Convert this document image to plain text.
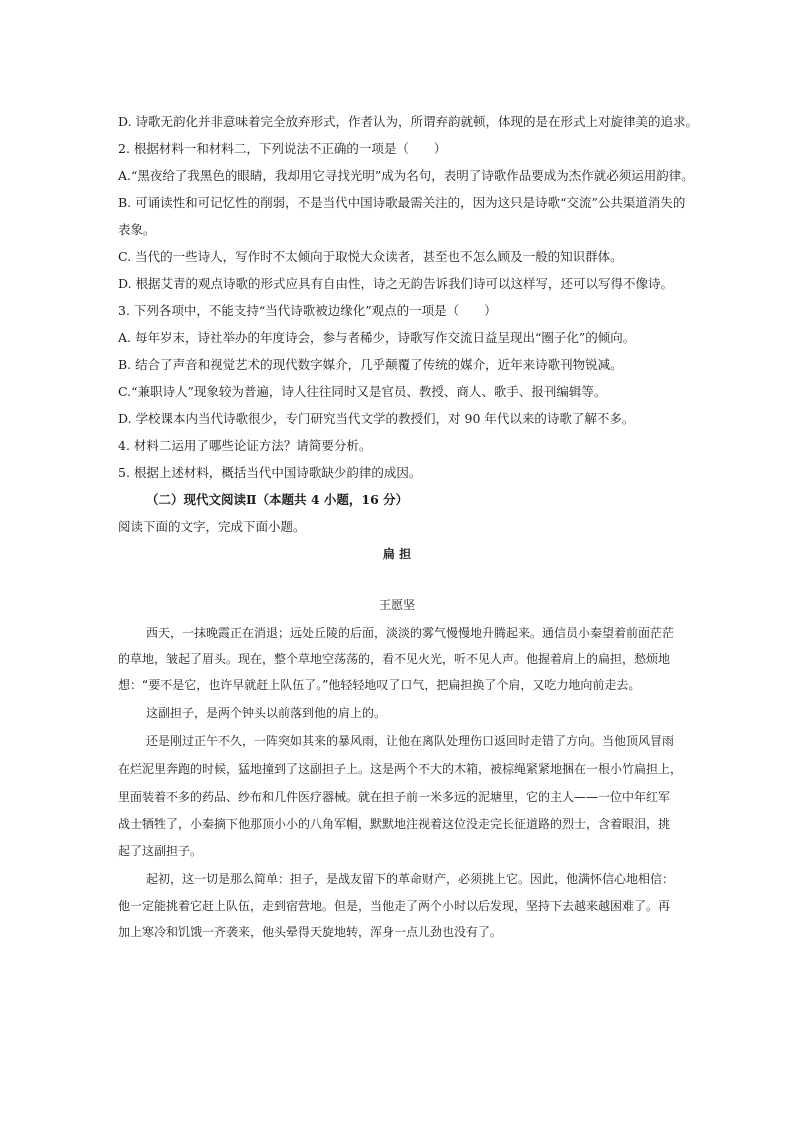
D. 诗歌无韵化并非意味着完全放弃形式，作者认为，所谓弃韵就顿，体现的是在形式上对旋律美的追求。
2. 根据材料一和材料二，下列说法不正确的一项是（　　）
A.“黑夜给了我黑色的眼睛，我却用它寻找光明”成为名句，表明了诗歌作品要成为杰作就必须运用韵律。
B. 可诵读性和可记忆性的削弱，不是当代中国诗歌最需关注的，因为这只是诗歌“交流”公共渠道消失的
表象。
C. 当代的一些诗人，写作时不太倾向于取悦大众读者，甚至也不怎么顾及一般的知识群体。
D. 根据艾青的观点诗歌的形式应具有自由性，诗之无韵告诉我们诗可以这样写，还可以写得不像诗。
3. 下列各项中，不能支持“当代诗歌被边缘化”观点的一项是（　　）
A. 每年岁末，诗社举办的年度诗会，参与者稀少，诗歌写作交流日益呈现出“圈子化”的倾向。
B. 结合了声音和视觉艺术的现代数字媒介，几乎颠覆了传统的媒介，近年来诗歌刊物锐减。
C.“兼职诗人”现象较为普遍，诗人往往同时又是官员、教授、商人、歌手、报刊编辑等。
D. 学校课本内当代诗歌很少，专门研究当代文学的教授们，对 90 年代以来的诗歌了解不多。
4. 材料二运用了哪些论证方法？请简要分析。
5. 根据上述材料，概括当代中国诗歌缺少韵律的成因。
（二）现代文阅读Ⅱ（本题共 4 小题，16 分）
阅读下面的文字，完成下面小题。
扁 担
王愿坚
西天，一抹晚霞正在消退；远处丘陵的后面，淡淡的雾气慢慢地升腾起来。通信员小秦望着前面茫茫
的草地，皱起了眉头。现在，整个草地空荡荡的，看不见火光，听不见人声。他握着肩上的扁担，愁烦地
想：“要不是它，也许早就赶上队伍了。”他轻轻地叹了口气，把扁担换了个肩，又吃力地向前走去。
这副担子，是两个钟头以前落到他的肩上的。
还是刚过正午不久，一阵突如其来的暴风雨，让他在离队处理伤口返回时走错了方向。当他顶风冒雨
在烂泥里奔跑的时候，猛地撞到了这副担子上。这是两个不大的木箱，被棕绳紧紧地捆在一根小竹扁担上，
里面装着不多的药品、纱布和几件医疗器械。就在担子前一米多远的泥塘里，它的主人——一位中年红军
战士牺牲了，小秦摘下他那顶小小的八角军帽，默默地注视着这位没走完长征道路的烈士，含着眼泪，挑
起了这副担子。
起初，这一切是那么简单：担子，是战友留下的革命财产，必须挑上它。因此，他满怀信心地相信：
他一定能挑着它赶上队伍，走到宿营地。但是，当他走了两个小时以后发现，坚持下去越来越困难了。再
加上寒冷和饥饿一齐袭来，他头晕得天旋地转，浑身一点儿劲也没有了。
